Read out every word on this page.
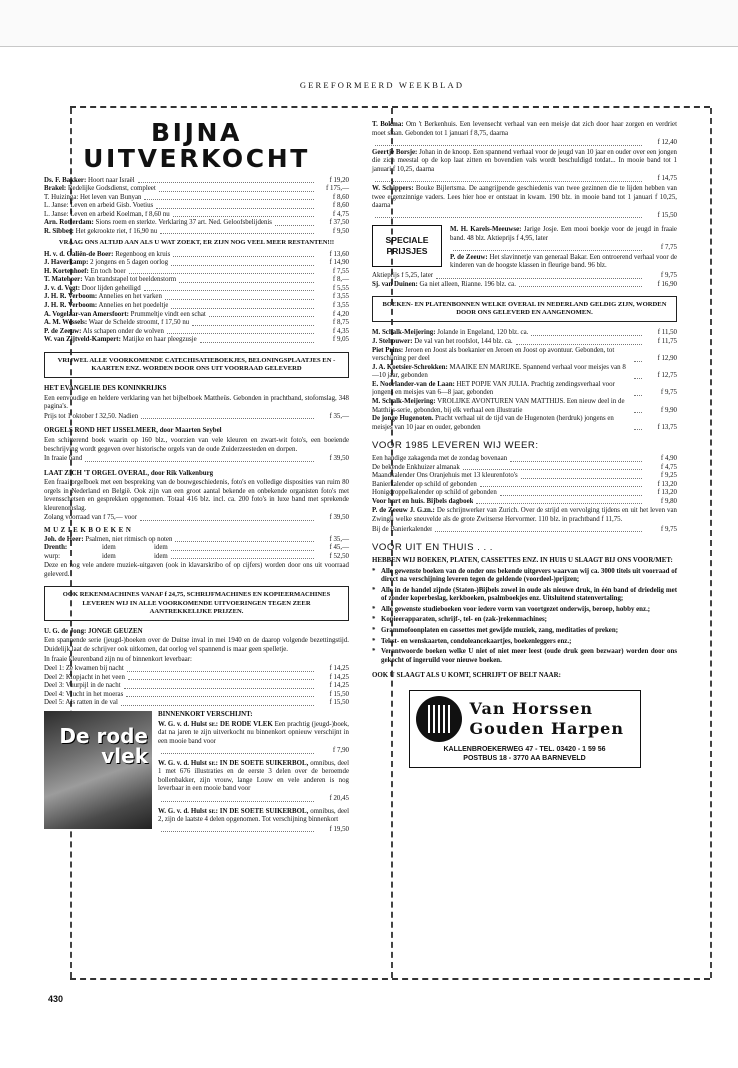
GEREFORMEERD WEEKBLAD
BIJNA UITVERKOCHT
Ds. F. Bakker: Hoort naar Israël	f 19,20
Brakel: Redelijke Godsdienst, compleet	f 175,—
T. Huizinga: Het leven van Bunyan	f 8,60
L. Janse: Leven en arbeid Gisb. Voetius	f 8,60
L. Janse: Leven en arbeid Koelman, f 8,60 nu	f 4,75
Arn. Rotterdam: Sions roem en sterkte. Verklaring 37 art. Ned. Geloofsbelijdenis	f 37,50
R. Sibbes: Het gekrookte riet, f 16,90 nu	f 9,50
VRAAG ONS ALTIJD AAN ALS U WAT ZOEKT, ER ZIJN NOG VEEL MEER RESTANTEN!!!
H. v. d. Galiën-de Boer: Regenboog en kruis	f 13,60
J. Haverkamp: 2 jongens en 5 dagen oorlog	f 14,90
H. Kortenhoef: En toch boer	f 7,55
T. Mateboer: Van brandstapel tot beeldenstorm	f 8,—
J. v. d. Vegt: Door lijden geheiligd	f 5,55
J. H. R. Verboom: Annelies en het varken	f 3,55
J. H. R. Verboom: Annelies en het poedeltje	f 3,55
A. Vogelaar-van Amersfoort: Prummeltje vindt een schat	f 4,20
A. M. Wessels: Waar de Schelde stroomt, f 17,50 nu	f 8,75
P. de Zeeuw: Als schapen onder de wolven	f 4,35
W. van Zijtveld-Kampert: Matijke en haar pleegzusje	f 9,05
VRIJWEL ALLE VOORKOMENDE CATECHISATIEBOEKJES, BELONINGSPLAATJES EN -KAARTEN ENZ. WORDEN DOOR ONS UIT VOORRAAD GELEVERD
HET EVANGELIE DES KONINKRIJKS
Een eenvoudige en heldere verklaring van het bijbelboek Mattheüs. Gebonden in prachtband, stofomslag, 348 pagina's.
Prijs tot 1 oktober f 32,50. Nadien	f 35,—
ORGELS ROND HET IJSSELMEER, door Maarten Seybel
Een schitterend boek waarin op 160 blz., voorzien van vele kleuren en zwart-wit foto's, een boeiende beschrijving wordt gegeven over historische orgels van de oude Zuiderzeesteden en dorpen.
In fraaie band	f 39,50
LAAT ZICH 'T ORGEL OVERAL, door Rik Valkenburg
Een fraai orgelboek met een bespreking van de bouwgeschiedenis, foto's en volledige disposities van ruim 80 orgels in Nederland en België. Ook zijn van een groot aantal bekende en onbekende organisten foto's met levensschetsen en gesprekken opgenomen. Totaal 416 blz. incl. ca. 200 foto's in luxe band met sprekende kleurenomslag.
Zolang voorraad van f 75,— voor	f 39,50
MUZIEKBOEKEN
Joh. de Heer: Psalmen, niet ritmisch op noten	f 35,—
Drenth:	idem	idem	f 45,—
wurp:	idem	idem	f 52,50
Deze en nog vele andere muziek-uitgaven (ook in klavarskribo of op cijfers) worden door ons uit voorraad geleverd.
OOK REKENMACHINES VANAF f 24,75, SCHRIJFMACHINES EN KOPIEERMACHINES LEVEREN WIJ IN ALLE VOORKOMENDE UITVOERINGEN TEGEN ZEER AANTREKKELIJKE PRIJZEN.
U. G. de Jong: JONGE GEUZEN
Een spannende serie (jeugd-)boeken over de Duitse inval in mei 1940 en de daarop volgende bezettingstijd. Duidelijk laat de schrijver ook uitkomen, dat oorlog vel spannend is maar geen spelletje.
In fraaie kleurenband zijn nu of binnenkort leverbaar:
Deel 1: Ze kwamen bij nacht	f 14,25
Deel 2: Klopjacht in het veen	f 14,25
Deel 3: Vuurpijl in de nacht	f 14,25
Deel 4: Vlucht in het moeras	f 15,50
Deel 5: Als ratten in de val	f 15,50
De rode vlek
BINNENKORT VERSCHIJNT:
W. G. v. d. Hulst sr.: DE RODE VLEK Een prachtig (jeugd-)boek, dat na jaren te zijn uitverkocht nu binnenkort opnieuw verschijnt in een mooie band voor
f 7,90
W. G. v. d. Hulst sr.: IN DE SOETE SUIKERBOL, omnibus, deel 1 met 676 illustraties en de eerste 3 delen over de beroemde bollenbakker, zijn vrouw, lange Louw en vele anderen is nog leverbaar in een mooie band voor
f 20,45
W. G. v. d. Hulst sr.: IN DE SOETE SUIKERBOL, omnibus, deel 2, zijn de laatste 4 delen opgenomen. Tot verschijning binnenkort
f 19,50
T. Bokma: Om 't Berkenhuis. Een levensecht verhaal van een meisje dat zich door haar zorgen en verdriet moet slaan. Gebonden tot 1 januari f 8,75, daarna
f 12,40
Geertje Borsje: Johan in de knoop. Een spannend verhaal voor de jeugd van 10 jaar en ouder over een jongen die zich meestal op de kop laat zitten en bovendien vals wordt beschuldigd totdat... In mooie band tot 1 januari f 10,25, daarna
f 14,75
W. Schippers: Bouke Bijlertsma. De aangrijpende geschiedenis van twee gezinnen die te lijden hebben van twee eigenzinnige vaders. Lees hier hoe er ontstaat in kwam. 190 blz. in mooie band tot 1 januari f 10,25, daarna
f 15,50
SPECIALE PRIJSJES
M. H. Karels-Meeuwse: Jarige Josje. Een mooi boekje voor de jeugd in fraaie band. 48 blz. Aktieprijs f 4,95, later
f 7,75
P. de Zeeuw: Het slavinnetje van generaal Bakar. Een ontroerend verhaal voor de kinderen van de hoogste klassen in fleurige band. 96 blz.
Aktieprijs f 5,25, later	f 9,75
Sj. van Duinen: Ga niet alleen, Rianne. 196 blz. ca.	f 16,90
BOEKEN- EN PLATENBONNEN WELKE OVERAL IN NEDERLAND GELDIG ZIJN, WORDEN DOOR ONS GELEVERD EN AANGENOMEN.
M. Schalk-Meijering: Jolande in Engeland, 120 blz. ca.	f 11,50
J. Stehouwer: De val van het roofslot, 144 blz. ca.	f 11,75
Piet Prins: Jeroen en Joost als boekanier en Jeroen en Joost op avontuur. Gebonden, tot verschijning per deel	f 12,90
J. A. Koetsier-Schrokken: MAAIKE EN MARIJKE. Spannend verhaal voor meisjes van 8—10 jaar, gebonden	f 12,75
E. Noorlander-van de Laan: HET POPJE VAN JULIA. Prachtig zendingsverhaal voor jongens en meisjes van 6—8 jaar, gebonden	f 9,75
M. Schalk-Meijering: VROLIJKE AVONTUREN VAN MATTHIJS. Een nieuw deel in de Matthijs-serie, gebonden, bij elk verhaal een illustratie	f 9,90
De jonge Hugenoten. Pracht verhaal uit de tijd van de Hugenoten (herdruk) jongens en meisjes van 10 jaar en ouder, gebonden	f 13,75
VOOR 1985 LEVEREN WIJ WEER:
Een handige zakagenda met de zondag bovenaan	f 4,90
De bekende Enkhuizer almanak	f 4,75
Maandkalender Ons Oranjehuis met 13 kleurenfoto's	f 9,25
Banierkalender op schild of gebonden	f 13,20
Honigdroppelkalender op schild of gebonden	f 13,20
Voor hart en huis. Bijbels dagboek	f 9,80
P. de Zeeuw J. G.zn.: De schrijnwerker van Zurich. Over de strijd en vervolging tijdens en uit het leven van Zwingli welke sneuvelde als de grote Zwitserse Hervormer. 110 blz. in prachtband f 11,75.
Bij de Banierkalender	f 9,75
VOOR UIT EN THUIS . . .
HEBBEN WIJ BOEKEN, PLATEN, CASSETTES ENZ. IN HUIS U SLAAGT BIJ ONS VOOR/MET:
* Alle gewenste boeken van de onder ons bekende uitgevers waarvan wij ca. 3000 titels uit voorraad of direct na verschijning leveren tegen de geldende (voordeel-)prijzen;
* Alle in de handel zijnde (Staten-)Bijbels zowel in oude als nieuwe druk, in één band of driedelig met of zonder koperbeslag, kerkboeken, psalmboekjes enz. Uitsluitend statenvertaling;
* Alle gewenste studieboeken voor iedere vorm van voortgezet onderwijs, beroep, hobby enz.;
* Kopieerapparaten, schrijf-, tel- en (zak-)rekenmachines;
* Grammofoonplaten en cassettes met gewijde muziek, zang, meditaties of preken;
* Tekst- en wenskaarten, condoleancekaartjes, boekenleggers enz.;
* Verantwoorde boeken welke U niet of niet meer leest (oude druk geen bezwaar) worden door ons gekocht of ingeruild voor nieuwe boeken.
OOK U SLAAGT ALS U KOMT, SCHRIJFT OF BELT NAAR:
Van Horssen
Gouden Harpen
KALLENBROEKERWEG 47 - TEL. 03420 - 1 59 56
POSTBUS 18 - 3770 AA BARNEVELD
430
